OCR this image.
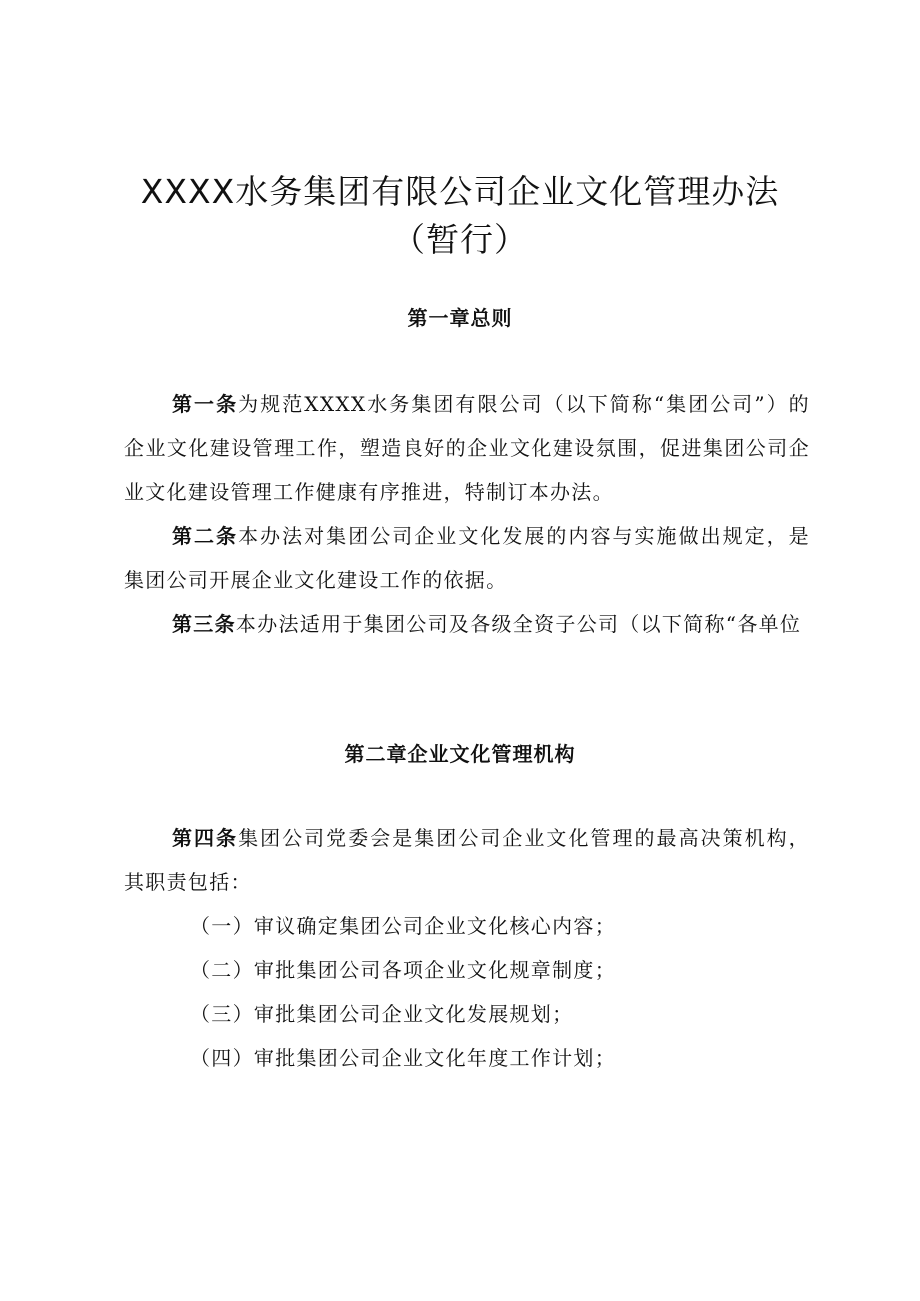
XXXX水务集团有限公司企业文化管理办法
（暂行）
第一章总则
第一条为规范XXXX水务集团有限公司（以下简称“集团公司”）的企业文化建设管理工作，塑造良好的企业文化建设氛围，促进集团公司企业文化建设管理工作健康有序推进，特制订本办法。
第二条本办法对集团公司企业文化发展的内容与实施做出规定，是集团公司开展企业文化建设工作的依据。
第三条本办法适用于集团公司及各级全资子公司（以下简称“各单位
第二章企业文化管理机构
第四条集团公司党委会是集团公司企业文化管理的最高决策机构，其职责包括：
（一）审议确定集团公司企业文化核心内容；
（二）审批集团公司各项企业文化规章制度；
（三）审批集团公司企业文化发展规划；
（四）审批集团公司企业文化年度工作计划；
